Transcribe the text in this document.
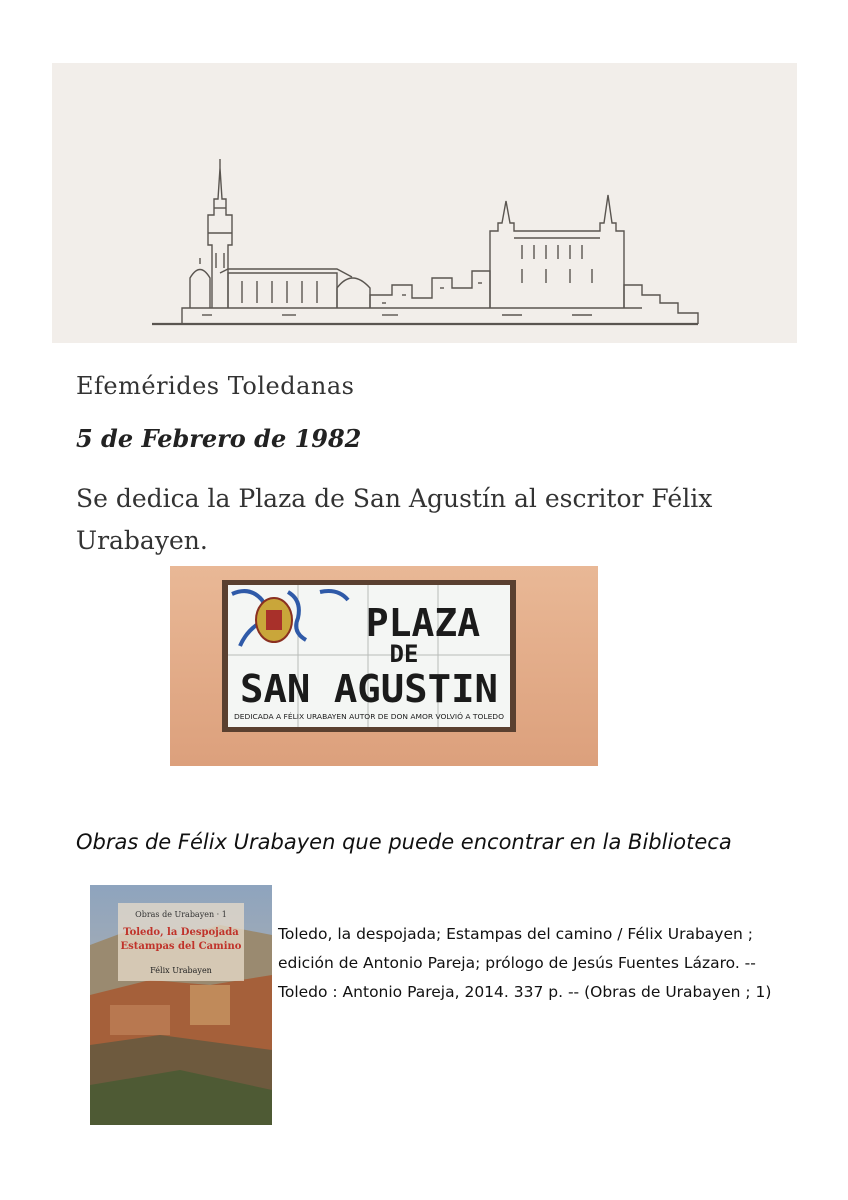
Efemérides Toledanas
5 de Febrero de 1982
Se dedica la Plaza de San Agustín al escritor Félix Urabayen.
PLAZA
DE
SAN AGUSTIN
DEDICADA A FÉLIX URABAYEN AUTOR DE DON AMOR VOLVIÓ A TOLEDO
Obras de Félix Urabayen que puede encontrar en la Biblioteca
Obras de Urabayen · 1
Toledo, la Despojada
Estampas del Camino
Félix Urabayen
Toledo, la despojada; Estampas del camino / Félix Urabayen ; edición de Antonio Pareja; prólogo de Jesús Fuentes Lázaro. -- Toledo : Antonio Pareja, 2014. 337 p. -- (Obras de Urabayen ; 1)
